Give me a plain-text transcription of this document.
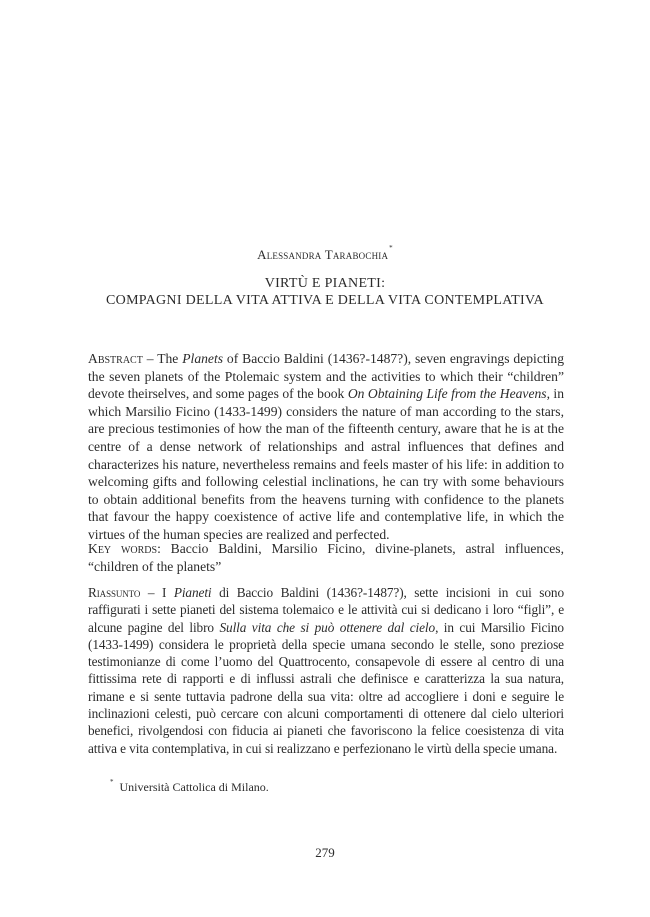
Alessandra Tarabochia*
VIRTÙ E PIANETI:
COMPAGNI DELLA VITA ATTIVA E DELLA VITA CONTEMPLATIVA
Abstract – The Planets of Baccio Baldini (1436?-1487?), seven engravings depicting the seven planets of the Ptolemaic system and the activities to which their “children” devote theirselves, and some pages of the book On Obtaining Life from the Heavens, in which Marsilio Ficino (1433-1499) considers the nature of man according to the stars, are precious testimonies of how the man of the fifteenth century, aware that he is at the centre of a dense network of relationships and astral influences that defines and characterizes his nature, nevertheless remains and feels master of his life: in addition to welcoming gifts and following celestial inclinations, he can try with some behaviours to obtain additional benefits from the heavens turning with confidence to the planets that favour the happy coexistence of active life and contemplative life, in which the virtues of the human species are realized and perfected.
Key words: Baccio Baldini, Marsilio Ficino, divine-planets, astral influences, “children of the planets”
Riassunto – I Pianeti di Baccio Baldini (1436?-1487?), sette incisioni in cui sono raffigurati i sette pianeti del sistema tolemaico e le attività cui si dedicano i loro “figli”, e alcune pagine del libro Sulla vita che si può ottenere dal cielo, in cui Marsilio Ficino (1433-1499) considera le proprietà della specie umana secondo le stelle, sono preziose testimonianze di come l’uomo del Quattrocento, consapevole di essere al centro di una fittissima rete di rapporti e di influssi astrali che definisce e caratterizza la sua natura, rimane e si sente tuttavia padrone della sua vita: oltre ad accogliere i doni e seguire le inclinazioni celesti, può cercare con alcuni comportamenti di ottenere dal cielo ulteriori benefici, rivolgendosi con fiducia ai pianeti che favoriscono la felice coesistenza di vita attiva e vita contemplativa, in cui si realizzano e perfezionano le virtù della specie umana.
* Università Cattolica di Milano.
279
